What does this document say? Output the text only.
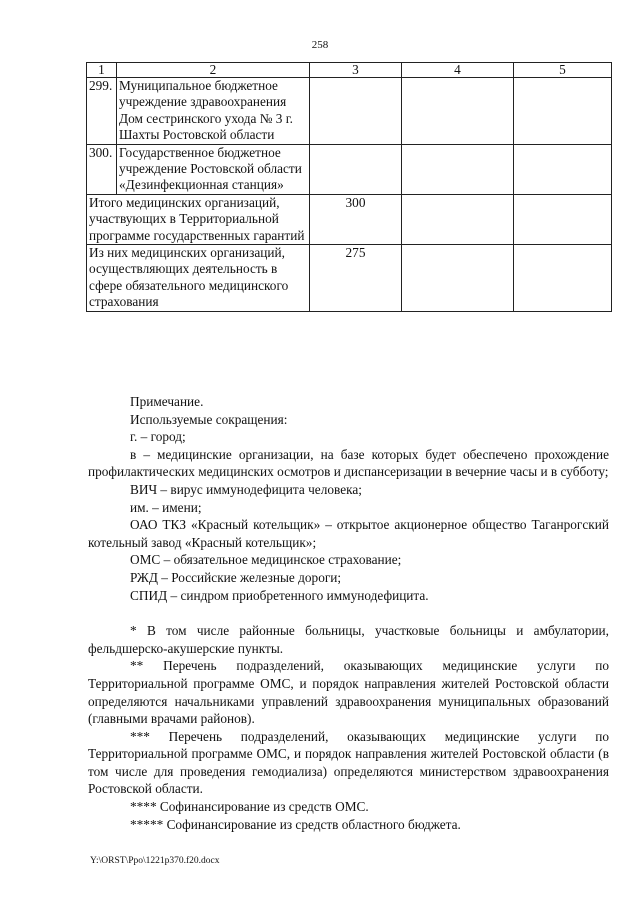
258
1	2	3	4	5
299.	Муниципальное бюджетное учреждение здравоохранения Дом сестринского ухода № 3 г. Шахты Ростовской области			
300.	Государственное бюджетное учреждение Ростовской области «Дезинфекционная станция»			
Итого медицинских организаций, участвующих в Территориальной программе государственных гарантий		300		
Из них медицинских организаций, осуществляющих деятельность в сфере обязательного медицинского страхования		275		

Примечание.

Используемые сокращения:

г. – город;

в – медицинские организации, на базе которых будет обеспечено прохождение профилактических медицинских осмотров и диспансеризации в вечерние часы и в субботу;

ВИЧ – вирус иммунодефицита человека;

им. – имени;

ОАО ТКЗ «Красный котельщик» – открытое акционерное общество Таганрогский котельный завод «Красный котельщик»;

ОМС – обязательное медицинское страхование;

РЖД – Российские железные дороги;

СПИД – синдром приобретенного иммунодефицита.

* В том числе районные больницы, участковые больницы и амбулатории, фельдшерско-акушерские пункты.

** Перечень подразделений, оказывающих медицинские услуги по Территориальной программе ОМС, и порядок направления жителей Ростовской области определяются начальниками управлений здравоохранения муниципальных образований (главными врачами районов).

*** Перечень подразделений, оказывающих медицинские услуги по Территориальной программе ОМС, и порядок направления жителей Ростовской области (в том числе для проведения гемодиализа) определяются министерством здравоохранения Ростовской области.

**** Софинансирование из средств ОМС.

***** Софинансирование из средств областного бюджета.

Y:\ORST\Ppo\1221p370.f20.docx
